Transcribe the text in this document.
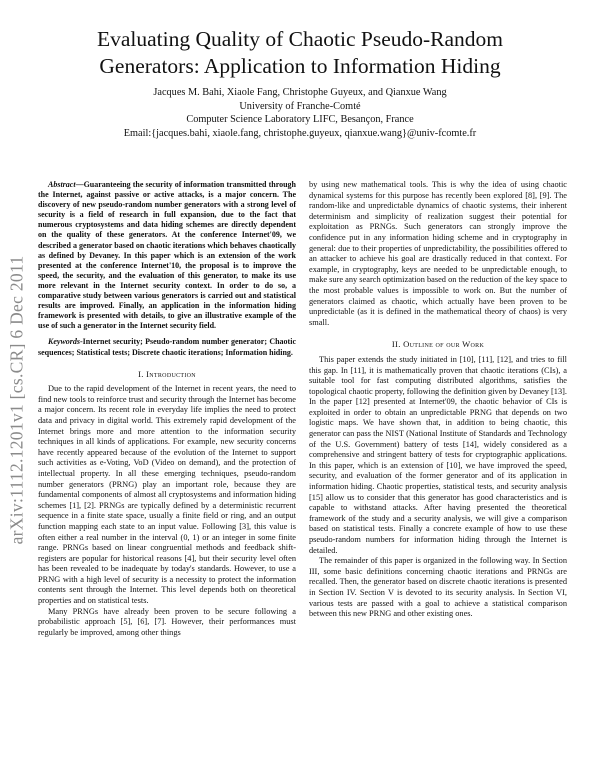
arXiv:1112.1201v1 [cs.CR] 6 Dec 2011
Evaluating Quality of Chaotic Pseudo-Random
Generators: Application to Information Hiding
Jacques M. Bahi, Xiaole Fang, Christophe Guyeux, and Qianxue Wang
University of Franche-Comté
Computer Science Laboratory LIFC, Besançon, France
Email:{jacques.bahi, xiaole.fang, christophe.guyeux, qianxue.wang}@univ-fcomte.fr

Abstract—Guaranteeing the security of information transmitted through the Internet, against passive or active attacks, is a major concern. The discovery of new pseudo-random number generators with a strong level of security is a field of research in full expansion, due to the fact that numerous cryptosystems and data hiding schemes are directly dependent on the quality of these generators. At the conference Internet'09, we described a generator based on chaotic iterations which behaves chaotically as defined by Devaney. In this paper which is an extension of the work presented at the conference Internet'10, the proposal is to improve the speed, the security, and the evaluation of this generator, to make its use more relevant in the Internet security context. In order to do so, a comparative study between various generators is carried out and statistical results are improved. Finally, an application in the information hiding framework is presented with details, to give an illustrative example of the use of such a generator in the Internet security field.

Keywords-Internet security; Pseudo-random number generator; Chaotic sequences; Statistical tests; Discrete chaotic iterations; Information hiding.

I. Introduction

Due to the rapid development of the Internet in recent years, the need to find new tools to reinforce trust and security through the Internet has become a major concern. Its recent role in everyday life implies the need to protect data and privacy in digital world. This extremely rapid development of the Internet brings more and more attention to the information security techniques in all kinds of applications. For example, new security concerns have recently appeared because of the evolution of the Internet to support such activities as e-Voting, VoD (Video on demand), and the protection of intellectual property. In all these emerging techniques, pseudo-random number generators (PRNG) play an important role, because they are fundamental components of almost all cryptosystems and information hiding schemes [1], [2]. PRNGs are typically defined by a deterministic recurrent sequence in a finite state space, usually a finite field or ring, and an output function mapping each state to an input value. Following [3], this value is often either a real number in the interval (0, 1) or an integer in some finite range. PRNGs based on linear congruential methods and feedback shift-registers are popular for historical reasons [4], but their security level often has been revealed to be inadequate by today's standards. However, to use a PRNG with a high level of security is a necessity to protect the information contents sent through the Internet. This level depends both on theoretical properties and on statistical tests.

Many PRNGs have already been proven to be secure following a probabilistic approach [5], [6], [7]. However, their performances must regularly be improved, among other things

by using new mathematical tools. This is why the idea of using chaotic dynamical systems for this purpose has recently been explored [8], [9]. The random-like and unpredictable dynamics of chaotic systems, their inherent determinism and simplicity of realization suggest their potential for exploitation as PRNGs. Such generators can strongly improve the confidence put in any information hiding scheme and in cryptography in general: due to their properties of unpredictability, the possibilities offered to an attacker to achieve his goal are drastically reduced in that context. For example, in cryptography, keys are needed to be unpredictable enough, to make sure any search optimization based on the reduction of the key space to the most probable values is impossible to work on. But the number of generators claimed as chaotic, which actually have been proven to be unpredictable (as it is defined in the mathematical theory of chaos) is very small.

II. Outline of our Work

This paper extends the study initiated in [10], [11], [12], and tries to fill this gap. In [11], it is mathematically proven that chaotic iterations (CIs), a suitable tool for fast computing distributed algorithms, satisfies the topological chaotic property, following the definition given by Devaney [13]. In the paper [12] presented at Internet'09, the chaotic behavior of CIs is exploited in order to obtain an unpredictable PRNG that depends on two logistic maps. We have shown that, in addition to being chaotic, this generator can pass the NIST (National Institute of Standards and Technology of the U.S. Government) battery of tests [14], widely considered as a comprehensive and stringent battery of tests for cryptographic applications. In this paper, which is an extension of [10], we have improved the speed, security, and evaluation of the former generator and of its application in information hiding. Chaotic properties, statistical tests, and security analysis [15] allow us to consider that this generator has good characteristics and is capable to withstand attacks. After having presented the theoretical framework of the study and a security analysis, we will give a comparison based on statistical tests. Finally a concrete example of how to use these pseudo-random numbers for information hiding through the Internet is detailed.

The remainder of this paper is organized in the following way. In Section III, some basic definitions concerning chaotic iterations and PRNGs are recalled. Then, the generator based on discrete chaotic iterations is presented in Section IV. Section V is devoted to its security analysis. In Section VI, various tests are passed with a goal to achieve a statistical comparison between this new PRNG and other existing ones.
